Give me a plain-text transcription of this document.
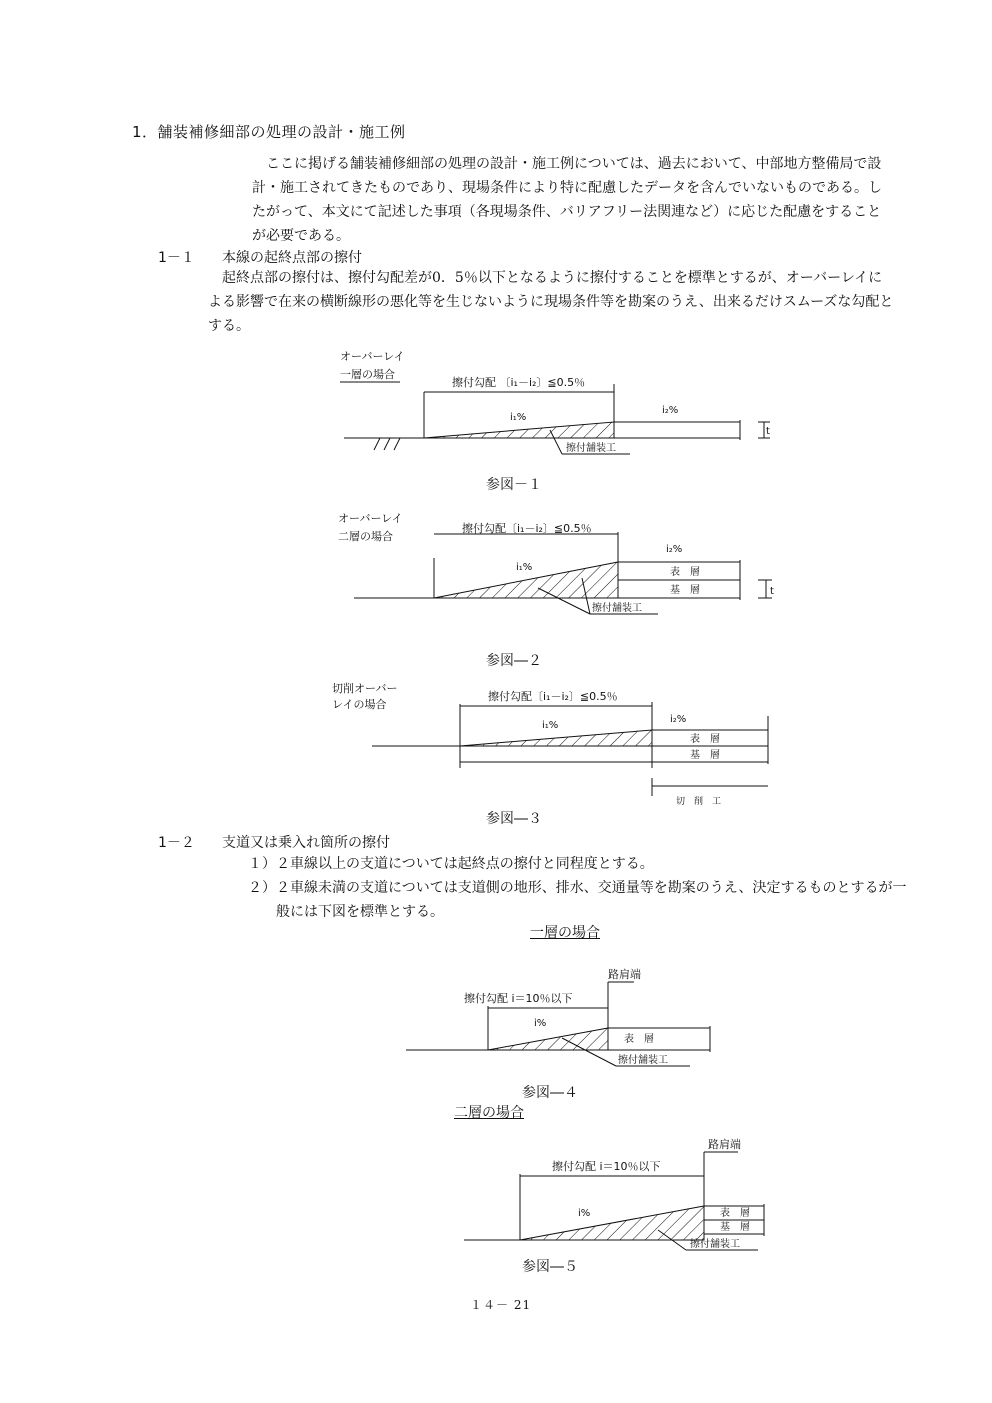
1．舗装補修細部の処理の設計・施工例
　ここに掲げる舗装補修細部の処理の設計・施工例については、過去において、中部地方整備局で設計・施工されてきたものであり、現場条件により特に配慮したデータを含んでいないものである。したがって、本文にて記述した事項（各現場条件、バリアフリー法関連など）に応じた配慮をすることが必要である。
1－１ 本線の起終点部の擦付
　起終点部の擦付は、擦付勾配差が0．5％以下となるように擦付することを標準とするが、オーバーレイによる影響で在来の横断線形の悪化等を生じないように現場条件等を勘案のうえ、出来るだけスムーズな勾配とする。
オーバーレイ
一層の場合
擦付勾配 〔i₁－i₂〕≦0.5％
i₁%
i₂%
t
擦付舗装工
参図－１
オーバーレイ
二層の場合
擦付勾配〔i₁－i₂〕≦0.5％
i₁%
i₂%
表　層
基　層	t
擦付舗装工
参図―２
切削オーバー
レイの場合
擦付勾配〔i₁－i₂〕≦0.5％
i₁%
i₂%
表　層
基　層
切　削　工
参図―３
1－２ 支道又は乗入れ箇所の擦付
１）２車線以上の支道については起終点の擦付と同程度とする。
２）２車線未満の支道については支道側の地形、排水、交通量等を勘案のうえ、決定するものとするが一般には下図を標準とする。
一層の場合
路肩端
擦付勾配 i＝10％以下
i%
表　層
擦付舗装工
参図―４
二層の場合
路肩端
擦付勾配 i＝10％以下
i%	表　層
基　層
擦付舗装工
参図―５
１４－ 21
